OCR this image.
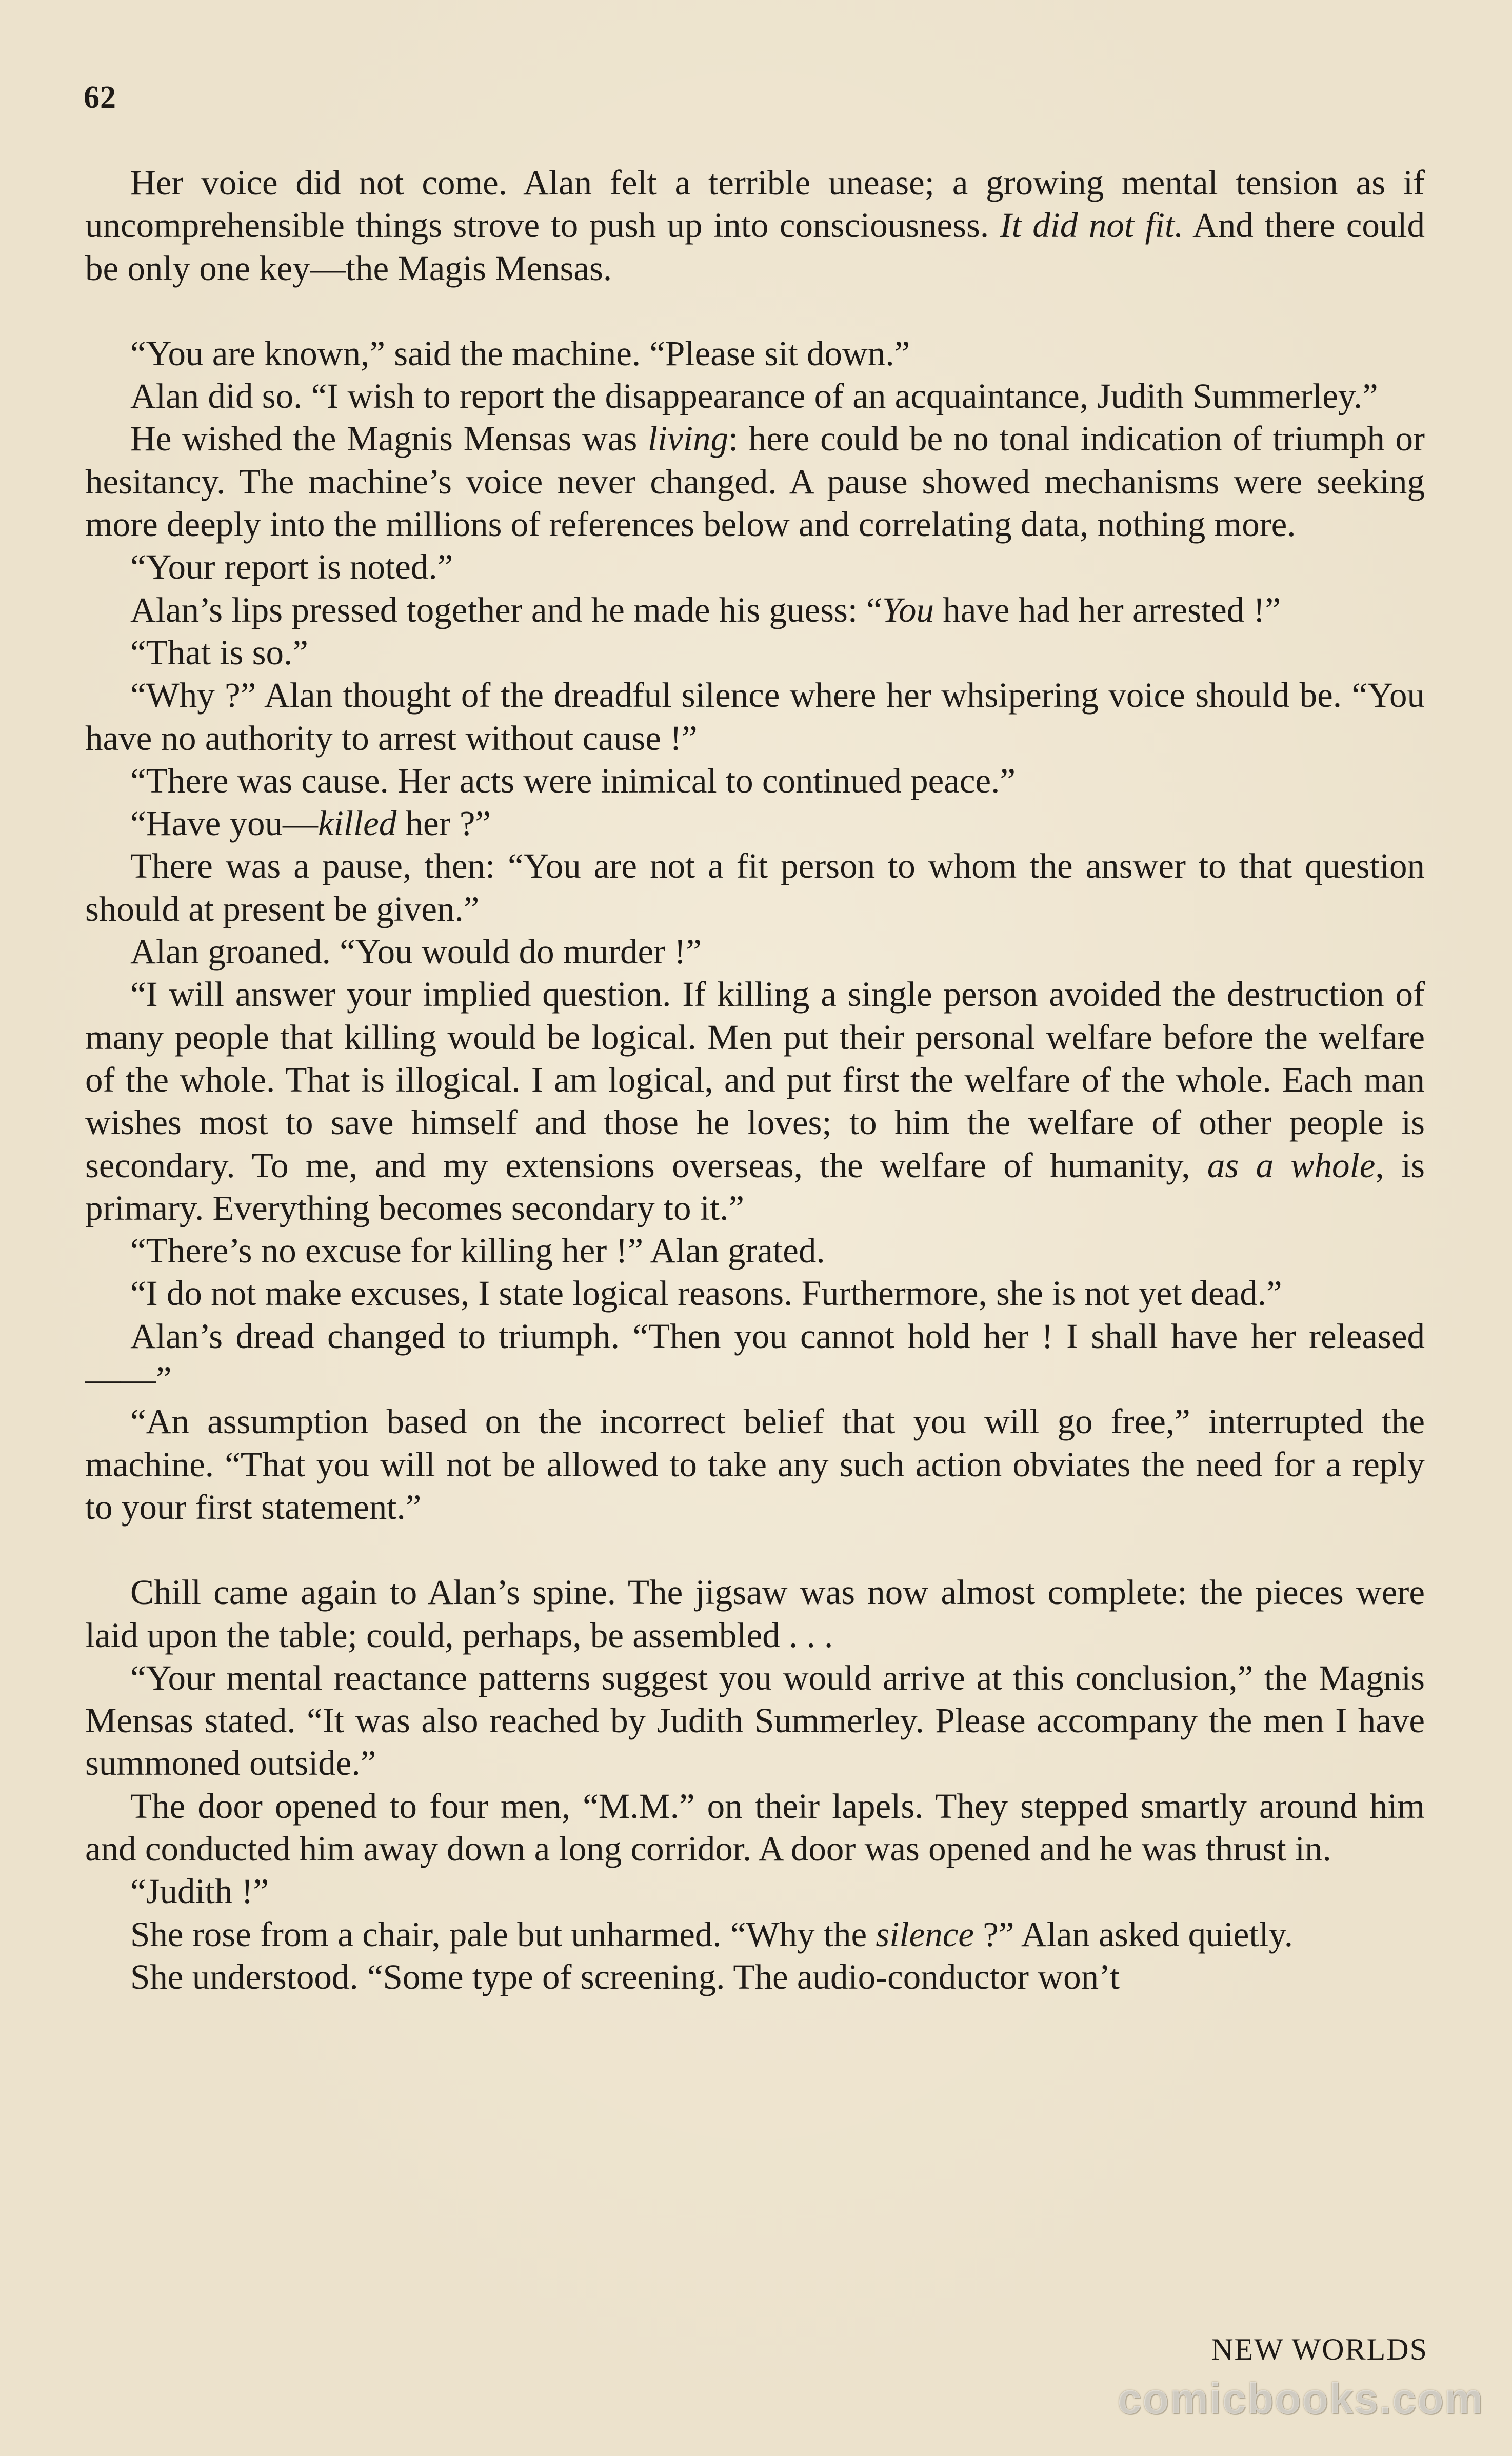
62

Her voice did not come. Alan felt a terrible unease; a growing mental tension as if uncomprehensible things strove to push up into consciousness. It did not fit. And there could be only one key—the Magis Mensas.

“You are known,” said the machine. “Please sit down.”

Alan did so. “I wish to report the disappearance of an acquaintance, Judith Summerley.”

He wished the Magnis Mensas was living: here could be no tonal indication of triumph or hesitancy. The machine’s voice never changed. A pause showed mechanisms were seeking more deeply into the millions of references below and correlating data, nothing more.

“Your report is noted.”

Alan’s lips pressed together and he made his guess: “You have had her arrested !”

“That is so.”

“Why ?” Alan thought of the dreadful silence where her whsipering voice should be. “You have no authority to arrest without cause !”

“There was cause. Her acts were inimical to continued peace.”

“Have you—killed her ?”

There was a pause, then: “You are not a fit person to whom the answer to that question should at present be given.”

Alan groaned. “You would do murder !”

“I will answer your implied question. If killing a single person avoided the destruction of many people that killing would be logical. Men put their personal welfare before the welfare of the whole. That is illogical. I am logical, and put first the welfare of the whole. Each man wishes most to save himself and those he loves; to him the welfare of other people is secondary. To me, and my extensions overseas, the welfare of humanity, as a whole, is primary. Everything becomes secondary to it.”

“There’s no excuse for killing her !” Alan grated.

“I do not make excuses, I state logical reasons. Furthermore, she is not yet dead.”

Alan’s dread changed to triumph. “Then you cannot hold her ! I shall have her released——”

“An assumption based on the incorrect belief that you will go free,” interrupted the machine. “That you will not be allowed to take any such action obviates the need for a reply to your first statement.”

Chill came again to Alan’s spine. The jigsaw was now almost complete: the pieces were laid upon the table; could, perhaps, be assembled . . .

“Your mental reactance patterns suggest you would arrive at this conclusion,” the Magnis Mensas stated. “It was also reached by Judith Summerley. Please accompany the men I have summoned outside.”

The door opened to four men, “M.M.” on their lapels. They stepped smartly around him and conducted him away down a long corridor. A door was opened and he was thrust in.

“Judith !”

She rose from a chair, pale but unharmed. “Why the silence ?” Alan asked quietly.

She understood. “Some type of screening. The audio-conductor won’t

NEW WORLDS
comicbooks.com
